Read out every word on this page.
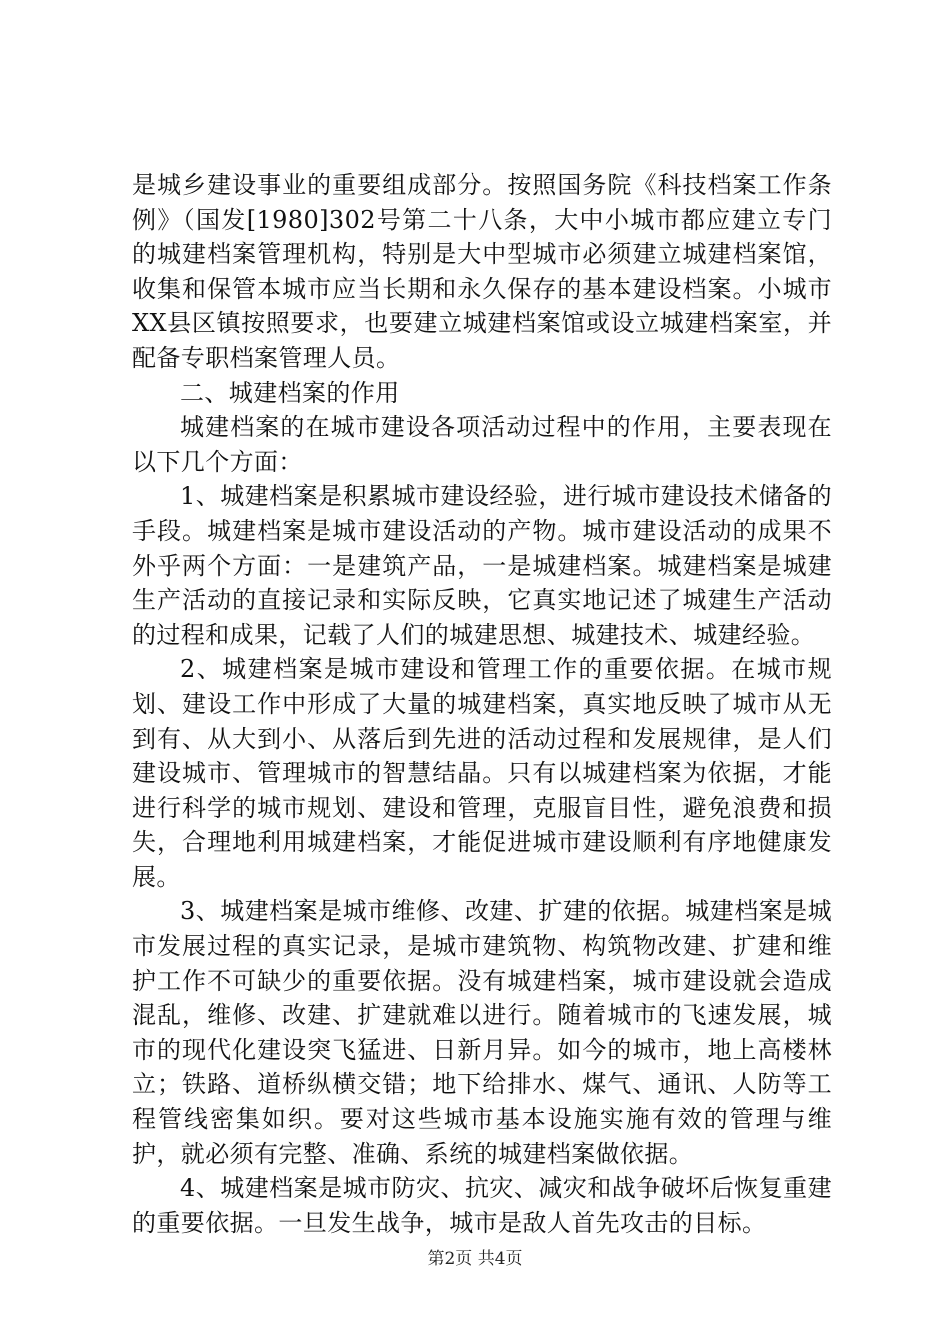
是城乡建设事业的重要组成部分。按照国务院《科技档案工作条例》（国发[1980]302号第二十八条，大中小城市都应建立专门的城建档案管理机构，特别是大中型城市必须建立城建档案馆，收集和保管本城市应当长期和永久保存的基本建设档案。小城市XX县区镇按照要求，也要建立城建档案馆或设立城建档案室，并配备专职档案管理人员。

二、城建档案的作用

城建档案的在城市建设各项活动过程中的作用，主要表现在以下几个方面：

1、城建档案是积累城市建设经验，进行城市建设技术储备的手段。城建档案是城市建设活动的产物。城市建设活动的成果不外乎两个方面：一是建筑产品，一是城建档案。城建档案是城建生产活动的直接记录和实际反映，它真实地记述了城建生产活动的过程和成果，记载了人们的城建思想、城建技术、城建经验。

2、城建档案是城市建设和管理工作的重要依据。在城市规划、建设工作中形成了大量的城建档案，真实地反映了城市从无到有、从大到小、从落后到先进的活动过程和发展规律，是人们建设城市、管理城市的智慧结晶。只有以城建档案为依据，才能进行科学的城市规划、建设和管理，克服盲目性，避免浪费和损失，合理地利用城建档案，才能促进城市建设顺利有序地健康发展。

3、城建档案是城市维修、改建、扩建的依据。城建档案是城市发展过程的真实记录，是城市建筑物、构筑物改建、扩建和维护工作不可缺少的重要依据。没有城建档案，城市建设就会造成混乱，维修、改建、扩建就难以进行。随着城市的飞速发展，城市的现代化建设突飞猛进、日新月异。如今的城市，地上高楼林立；铁路、道桥纵横交错；地下给排水、煤气、通讯、人防等工程管线密集如织。要对这些城市基本设施实施有效的管理与维护，就必须有完整、准确、系统的城建档案做依据。

4、城建档案是城市防灾、抗灾、减灾和战争破坏后恢复重建的重要依据。一旦发生战争，城市是敌人首先攻击的目标。

第2页 共4页
